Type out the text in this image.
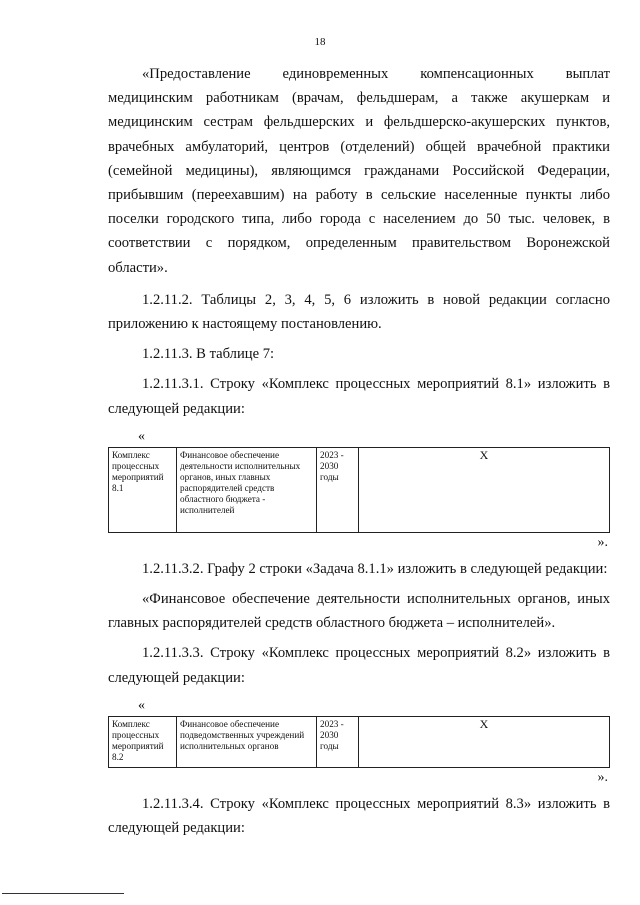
18

«Предоставление единовременных компенсационных выплат медицинским работникам (врачам, фельдшерам, а также акушеркам и медицинским сестрам фельдшерских и фельдшерско-акушерских пунктов, врачебных амбулаторий, центров (отделений) общей врачебной практики (семейной медицины), являющимся гражданами Российской Федерации, прибывшим (переехавшим) на работу в сельские населенные пункты либо поселки городского типа, либо города с населением до 50 тыс. человек, в соответствии с порядком, определенным правительством Воронежской области».

1.2.11.2. Таблицы 2, 3, 4, 5, 6 изложить в новой редакции согласно приложению к настоящему постановлению.

1.2.11.3. В таблице 7:

1.2.11.3.1. Строку «Комплекс процессных мероприятий 8.1» изложить в следующей редакции:

«
Комплекс процессных мероприятий 8.1	Финансовое обеспечение деятельности исполнительных органов, иных главных распорядителей средств областного бюджета - исполнителей	2023 - 2030 годы	Х
».

1.2.11.3.2. Графу 2 строки «Задача 8.1.1» изложить в следующей редакции:

«Финансовое обеспечение деятельности исполнительных органов, иных главных распорядителей средств областного бюджета – исполнителей».

1.2.11.3.3. Строку «Комплекс процессных мероприятий 8.2» изложить в следующей редакции:

«
Комплекс процессных мероприятий 8.2	Финансовое обеспечение подведомственных учреждений исполнительных органов	2023 - 2030 годы	Х
».

1.2.11.3.4. Строку «Комплекс процессных мероприятий 8.3» изложить в следующей редакции:
